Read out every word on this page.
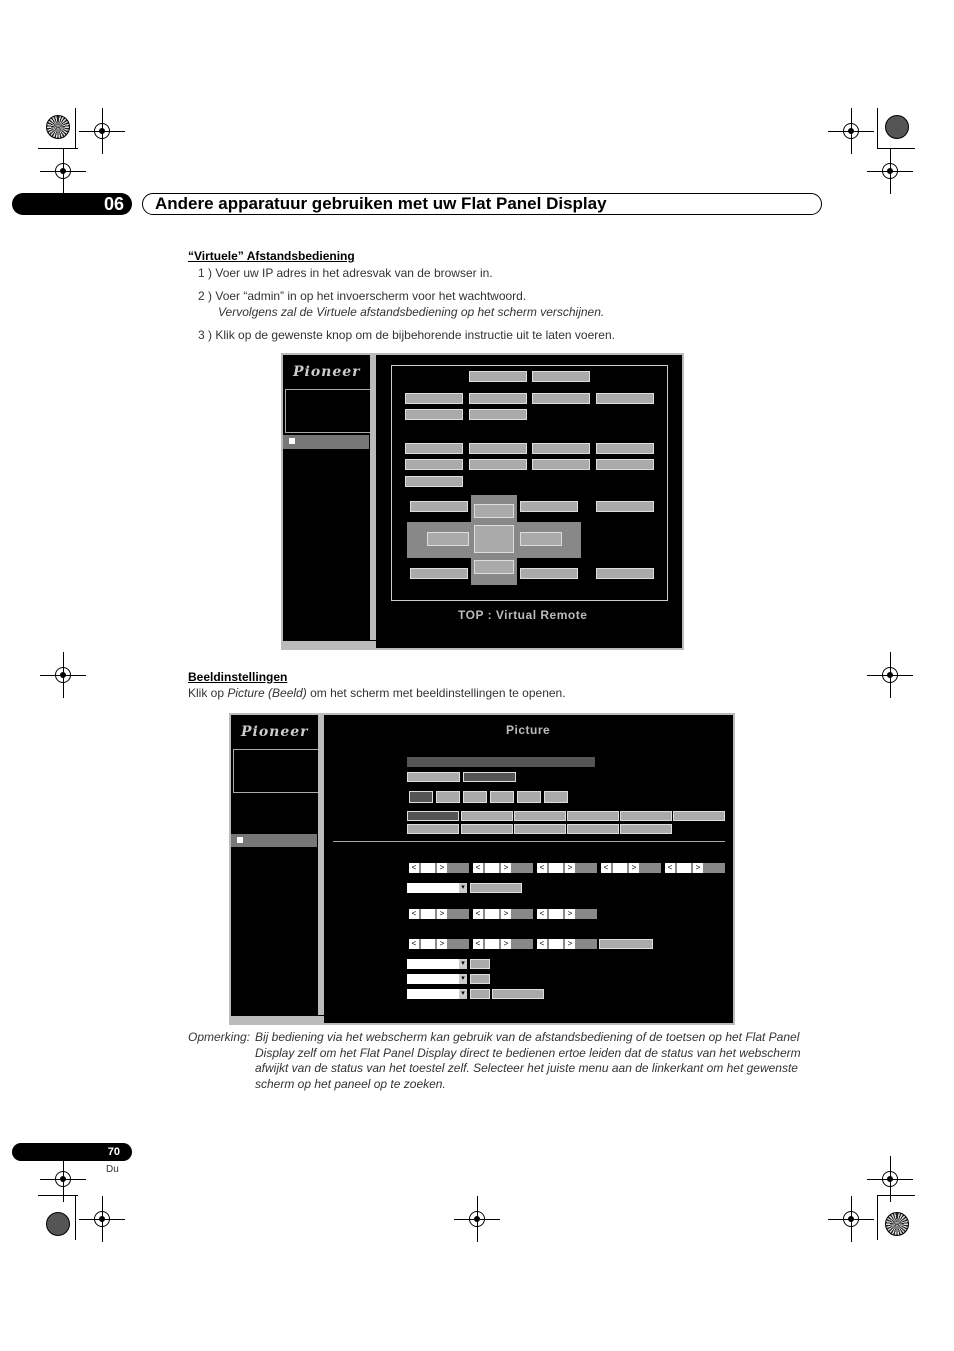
06	Andere apparatuur gebruiken met uw Flat Panel Display
“Virtuele” Afstandsbediening
1 ) Voer uw IP adres in het adresvak van de browser in.
2 ) Voer “admin” in op het invoerscherm voor het wachtwoord.
Vervolgens zal de Virtuele afstandsbediening op het scherm verschijnen.
3 ) Klik op de gewenste knop om de bijbehorende instructie uit te laten voeren.
Pioneer
TOP : Virtual Remote
Beeldinstellingen
Klik op Picture (Beeld) om het scherm met beeldinstellingen te openen.
Pioneer	Picture
<	>	<	>	<	>	<	>	<	>
▾
<	>	<	>	<	>
<	>	<	>	<	>
▾
▾
▾
Opmerking: Bij bediening via het webscherm kan gebruik van de afstandsbediening of de toetsen op het Flat Panel Display zelf om het Flat Panel Display direct te bedienen ertoe leiden dat de status van het webscherm afwijkt van de status van het toestel zelf. Selecteer het juiste menu aan de linkerkant om het gewenste scherm op het paneel op te zoeken.
70
Du
